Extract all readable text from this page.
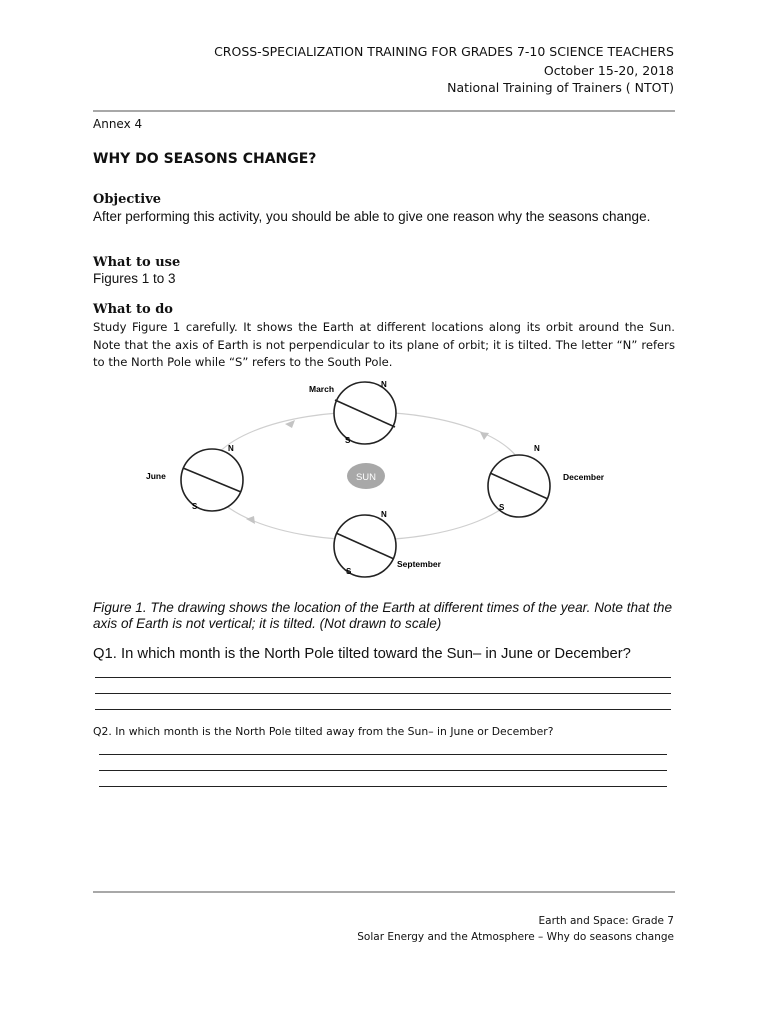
CROSS-SPECIALIZATION TRAINING FOR GRADES 7-10 SCIENCE TEACHERS
October 15-20, 2018
National Training of Trainers ( NTOT)
Annex 4
WHY DO SEASONS CHANGE?
Objective
After performing this activity, you should be able to give one reason why the seasons change.
What to use
Figures 1 to 3
What to do
Study Figure 1 carefully. It shows the Earth at different locations along its orbit around the Sun. Note that the axis of Earth is not perpendicular to its plane of orbit; it is tilted. The letter “N” refers to the North Pole while “S” refers to the South Pole.
SUN
March	N
S
June
N
S
December
N
S
September
N
S
Figure 1. The drawing shows the location of the Earth at different times of the year. Note that the axis of Earth is not vertical; it is tilted. (Not drawn to scale)
Q1. In which month is the North Pole tilted toward the Sun– in June or December?
Q2. In which month is the North Pole tilted away from the Sun– in June or December?
Earth and Space: Grade 7
Solar Energy and the Atmosphere – Why do seasons change
